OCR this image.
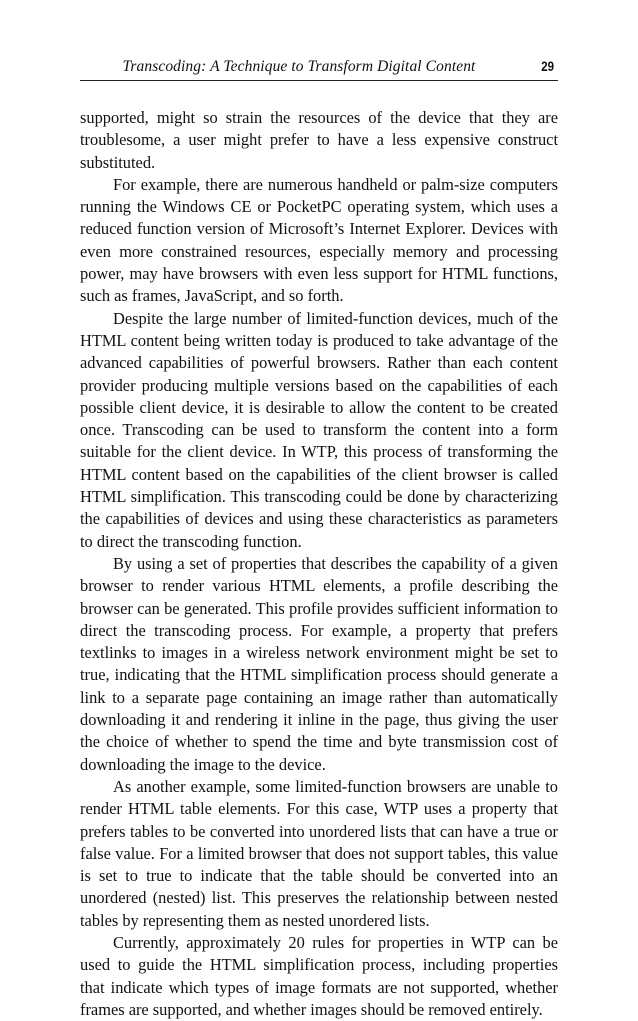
Transcoding: A Technique to Transform Digital Content	29

supported, might so strain the resources of the device that they are troublesome, a user might prefer to have a less expensive construct substituted.

For example, there are numerous handheld or palm-size computers running the Windows CE or PocketPC operating system, which uses a reduced function version of Microsoft’s Internet Explorer. Devices with even more constrained resources, especially memory and processing power, may have browsers with even less support for HTML functions, such as frames, JavaScript, and so forth.

Despite the large number of limited-function devices, much of the HTML content being written today is produced to take advantage of the advanced capabilities of powerful browsers. Rather than each content provider producing multiple versions based on the capabilities of each possible client device, it is desirable to allow the content to be created once. Transcoding can be used to transform the content into a form suitable for the client device. In WTP, this process of transforming the HTML content based on the capabilities of the client browser is called HTML simplification. This transcoding could be done by characterizing the capabilities of devices and using these characteristics as parameters to direct the transcoding function.

By using a set of properties that describes the capability of a given browser to render various HTML elements, a profile describing the browser can be generated. This profile provides sufficient information to direct the transcoding process. For example, a property that prefers textlinks to images in a wireless network environment might be set to true, indicating that the HTML simplification process should generate a link to a separate page containing an image rather than automatically downloading it and rendering it inline in the page, thus giving the user the choice of whether to spend the time and byte transmission cost of downloading the image to the device.

As another example, some limited-function browsers are unable to render HTML table elements. For this case, WTP uses a property that prefers tables to be converted into unordered lists that can have a true or false value. For a limited browser that does not support tables, this value is set to true to indicate that the table should be converted into an unordered (nested) list. This preserves the relationship between nested tables by representing them as nested unordered lists.

Currently, approximately 20 rules for properties in WTP can be used to guide the HTML simplification process, including properties that indicate which types of image formats are not supported, whether frames are supported, and whether images should be removed entirely.
